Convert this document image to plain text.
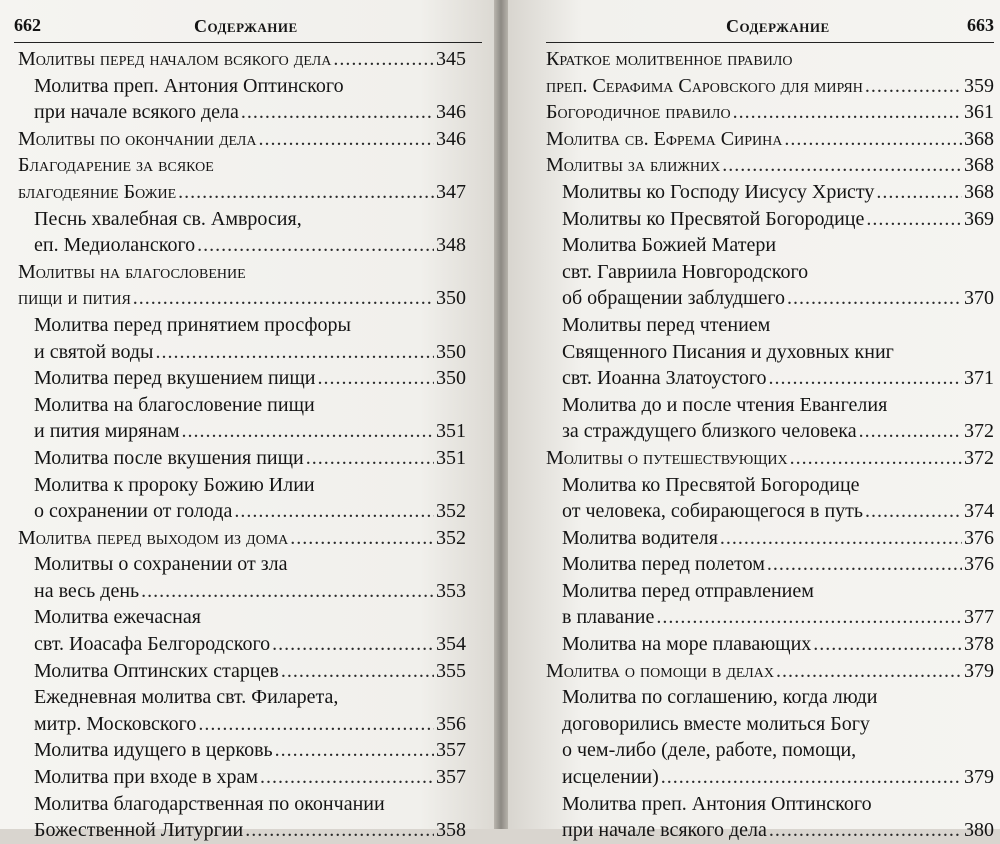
662	Содержание
Молитвы перед началом всякого дела .....	345
Молитва преп. Антония Оптинского
при начале всякого дела .....	346
Молитвы по окончании дела .....	346
Благодарение за всякое
благодеяние Божие .....	347
Песнь хвалебная св. Амвросия,
еп. Медиоланского .....	348
Молитвы на благословение
пищи и пития .....	350
Молитва перед принятием просфоры
и святой воды .....	350
Молитва перед вкушением пищи .....	350
Молитва на благословение пищи
и пития мирянам .....	351
Молитва после вкушения пищи .....	351
Молитва к пророку Божию Илии
о сохранении от голода .....	352
Молитва перед выходом из дома .....	352
Молитвы о сохранении от зла
на весь день .....	353
Молитва ежечасная
свт. Иоасафа Белгородского .....	354
Молитва Оптинских старцев .....	355
Ежедневная молитва свт. Филарета,
митр. Московского .....	356
Молитва идущего в церковь .....	357
Молитва при входе в храм .....	357
Молитва благодарственная по окончании
Божественной Литургии .....	358
Содержание	663
Краткое молитвенное правило
преп. Серафима Саровского для мирян .....	359
Богородичное правило .....	361
Молитва св. Ефрема Сирина .....	368
Молитвы за ближних .....	368
Молитвы ко Господу Иисусу Христу .....	368
Молитвы ко Пресвятой Богородице .....	369
Молитва Божией Матери
свт. Гавриила Новгородского
об обращении заблудшего .....	370
Молитвы перед чтением
Священного Писания и духовных книг
свт. Иоанна Златоустого .....	371
Молитва до и после чтения Евангелия
за страждущего близкого человека .....	372
Молитвы о путешествующих .....	372
Молитва ко Пресвятой Богородице
от человека, собирающегося в путь .....	374
Молитва водителя .....	376
Молитва перед полетом .....	376
Молитва перед отправлением
в плавание .....	377
Молитва на море плавающих .....	378
Молитва о помощи в делах .....	379
Молитва по соглашению, когда люди
договорились вместе молиться Богу
о чем-либо (деле, работе, помощи,
исцелении) .....	379
Молитва преп. Антония Оптинского
при начале всякого дела .....	380
